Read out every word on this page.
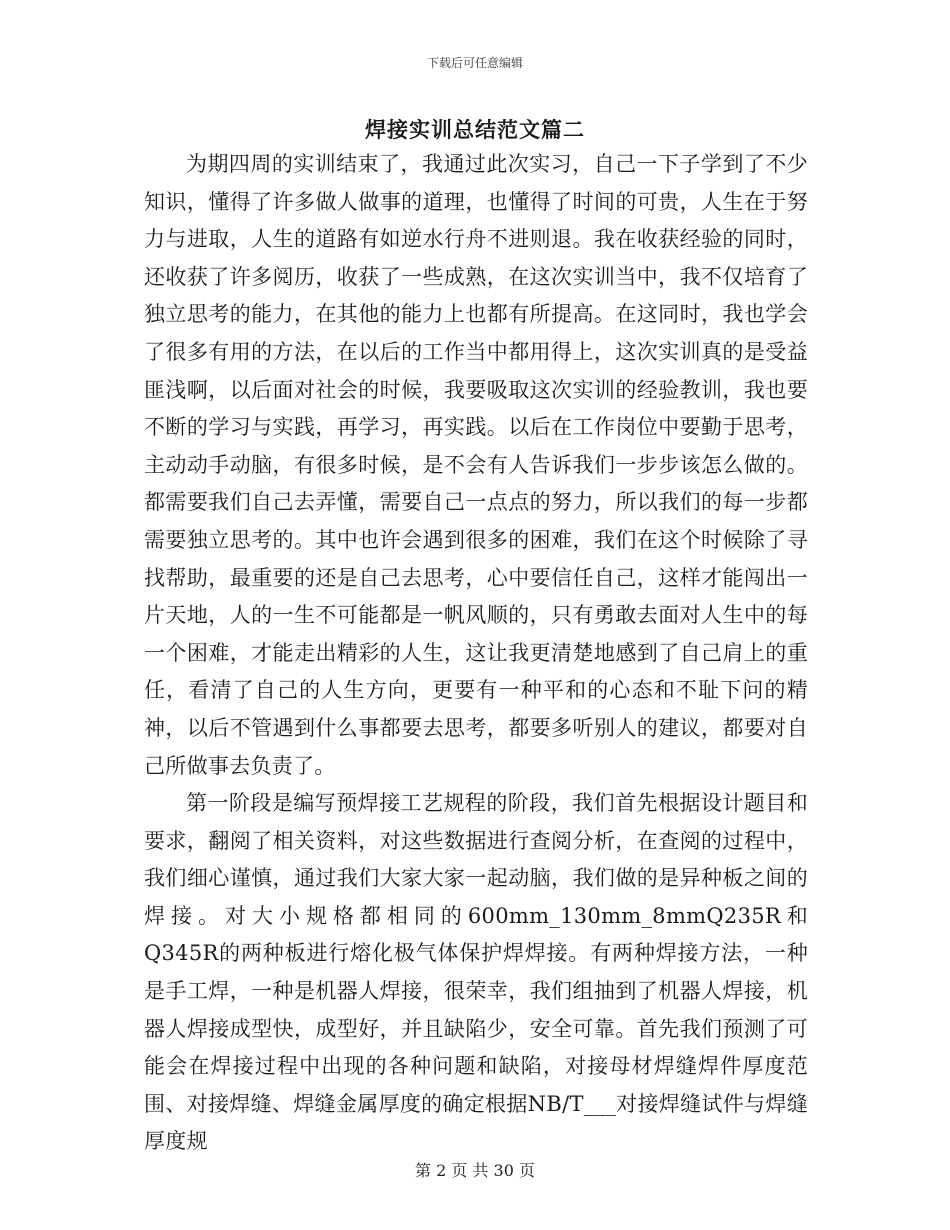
下载后可任意编辑
焊接实训总结范文篇二

为期四周的实训结束了，我通过此次实习，自己一下子学到了不少知识，懂得了许多做人做事的道理，也懂得了时间的可贵，人生在于努力与进取，人生的道路有如逆水行舟不进则退。我在收获经验的同时，还收获了许多阅历，收获了一些成熟，在这次实训当中，我不仅培育了独立思考的能力，在其他的能力上也都有所提高。在这同时，我也学会了很多有用的方法，在以后的工作当中都用得上，这次实训真的是受益匪浅啊，以后面对社会的时候，我要吸取这次实训的经验教训，我也要不断的学习与实践，再学习，再实践。以后在工作岗位中要勤于思考，主动动手动脑，有很多时候，是不会有人告诉我们一步步该怎么做的。都需要我们自己去弄懂，需要自己一点点的努力，所以我们的每一步都需要独立思考的。其中也许会遇到很多的困难，我们在这个时候除了寻找帮助，最重要的还是自己去思考，心中要信任自己，这样才能闯出一片天地，人的一生不可能都是一帆风顺的，只有勇敢去面对人生中的每一个困难，才能走出精彩的人生，这让我更清楚地感到了自己肩上的重任，看清了自己的人生方向，更要有一种平和的心态和不耻下问的精神，以后不管遇到什么事都要去思考，都要多听别人的建议，都要对自己所做事去负责了。

第一阶段是编写预焊接工艺规程的阶段，我们首先根据设计题目和要求，翻阅了相关资料，对这些数据进行查阅分析，在查阅的过程中，我们细心谨慎，通过我们大家大家一起动脑，我们做的是异种板之间的焊接。对大小规格都相同的600mm_130mm_8mmQ235R和Q345R的两种板进行熔化极气体保护焊焊接。有两种焊接方法，一种是手工焊，一种是机器人焊接，很荣幸，我们组抽到了机器人焊接，机器人焊接成型快，成型好，并且缺陷少，安全可靠。首先我们预测了可能会在焊接过程中出现的各种问题和缺陷，对接母材焊缝焊件厚度范围、对接焊缝、焊缝金属厚度的确定根据NB/T___对接焊缝试件与焊缝厚度规

第 2 页 共 30 页
